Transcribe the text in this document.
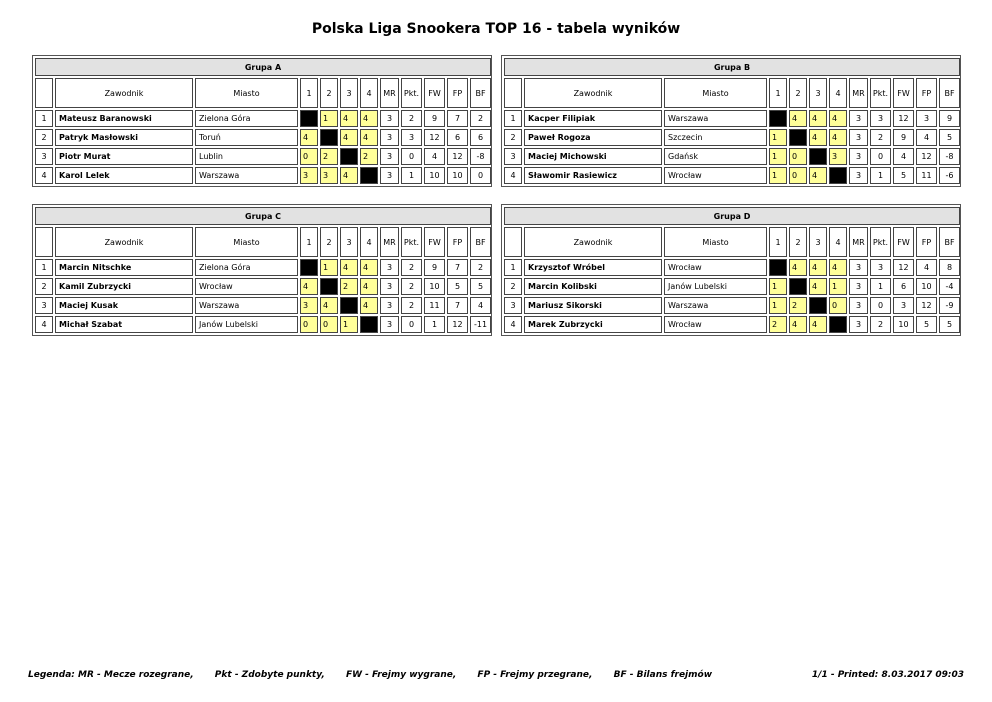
Polska Liga Snookera TOP 16 - tabela wyników
Grupa A											
	Zawodnik	Miasto	1	2	3	4	MR	Pkt.	FW	FP	BF
1	Mateusz Baranowski	Zielona Góra		1	4	4	3	2	9	7	2
2	Patryk Masłowski	Toruń	4		4	4	3	3	12	6	6
3	Piotr Murat	Lublin	0	2		2	3	0	4	12	-8
4	Karol Lelek	Warszawa	3	3	4		3	1	10	10	0
Grupa B											
	Zawodnik	Miasto	1	2	3	4	MR	Pkt.	FW	FP	BF
1	Kacper Filipiak	Warszawa		4	4	4	3	3	12	3	9
2	Paweł Rogoza	Szczecin	1		4	4	3	2	9	4	5
3	Maciej Michowski	Gdańsk	1	0		3	3	0	4	12	-8
4	Sławomir Rasiewicz	Wrocław	1	0	4		3	1	5	11	-6
Grupa C											
	Zawodnik	Miasto	1	2	3	4	MR	Pkt.	FW	FP	BF
1	Marcin Nitschke	Zielona Góra		1	4	4	3	2	9	7	2
2	Kamil Zubrzycki	Wrocław	4		2	4	3	2	10	5	5
3	Maciej Kusak	Warszawa	3	4		4	3	2	11	7	4
4	Michał Szabat	Janów Lubelski	0	0	1		3	0	1	12	-11
Grupa D											
	Zawodnik	Miasto	1	2	3	4	MR	Pkt.	FW	FP	BF
1	Krzysztof Wróbel	Wrocław		4	4	4	3	3	12	4	8
2	Marcin Kolibski	Janów Lubelski	1		4	1	3	1	6	10	-4
3	Mariusz Sikorski	Warszawa	1	2		0	3	0	3	12	-9
4	Marek Zubrzycki	Wrocław	2	4	4		3	2	10	5	5
Legenda: MR - Mecze rozegrane, Pkt - Zdobyte punkty, FW - Frejmy wygrane, FP - Frejmy przegrane, BF - Bilans frejmów	1/1 - Printed: 8.03.2017 09:03
